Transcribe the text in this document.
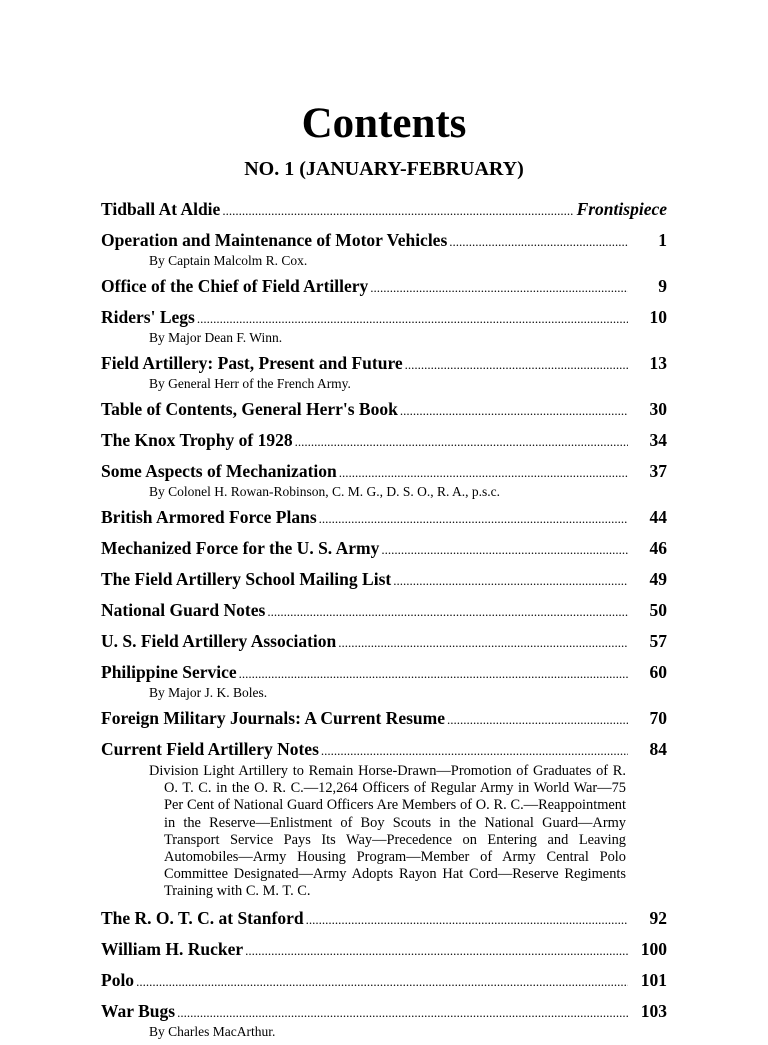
Contents
NO. 1 (JANUARY-FEBRUARY)
Tidball At Aldie .....	Frontispiece
Operation and Maintenance of Motor Vehicles .....	1
By Captain Malcolm R. Cox.
Office of the Chief of Field Artillery .....	9
Riders' Legs .....	10
By Major Dean F. Winn.
Field Artillery: Past, Present and Future .....	13
By General Herr of the French Army.
Table of Contents, General Herr's Book .....	30
The Knox Trophy of 1928 .....	34
Some Aspects of Mechanization .....	37
By Colonel H. Rowan-Robinson, C. M. G., D. S. O., R. A., p.s.c.
British Armored Force Plans .....	44
Mechanized Force for the U. S. Army .....	46
The Field Artillery School Mailing List .....	49
National Guard Notes .....	50
U. S. Field Artillery Association .....	57
Philippine Service .....	60
By Major J. K. Boles.
Foreign Military Journals: A Current Resume .....	70
Current Field Artillery Notes .....	84
Division Light Artillery to Remain Horse-Drawn—Promotion of Graduates of R. O. T. C. in the O. R. C.—12,264 Officers of Regular Army in World War—75 Per Cent of National Guard Officers Are Members of O. R. C.—Reappointment in the Reserve—Enlistment of Boy Scouts in the National Guard—Army Transport Service Pays Its Way—Precedence on Entering and Leaving Automobiles—Army Housing Program—Member of Army Central Polo Committee Designated—Army Adopts Rayon Hat Cord—Reserve Regiments Training with C. M. T. C.
The R. O. T. C. at Stanford .....	92
William H. Rucker .....	100
Polo .....	101
War Bugs .....	103
By Charles MacArthur.
